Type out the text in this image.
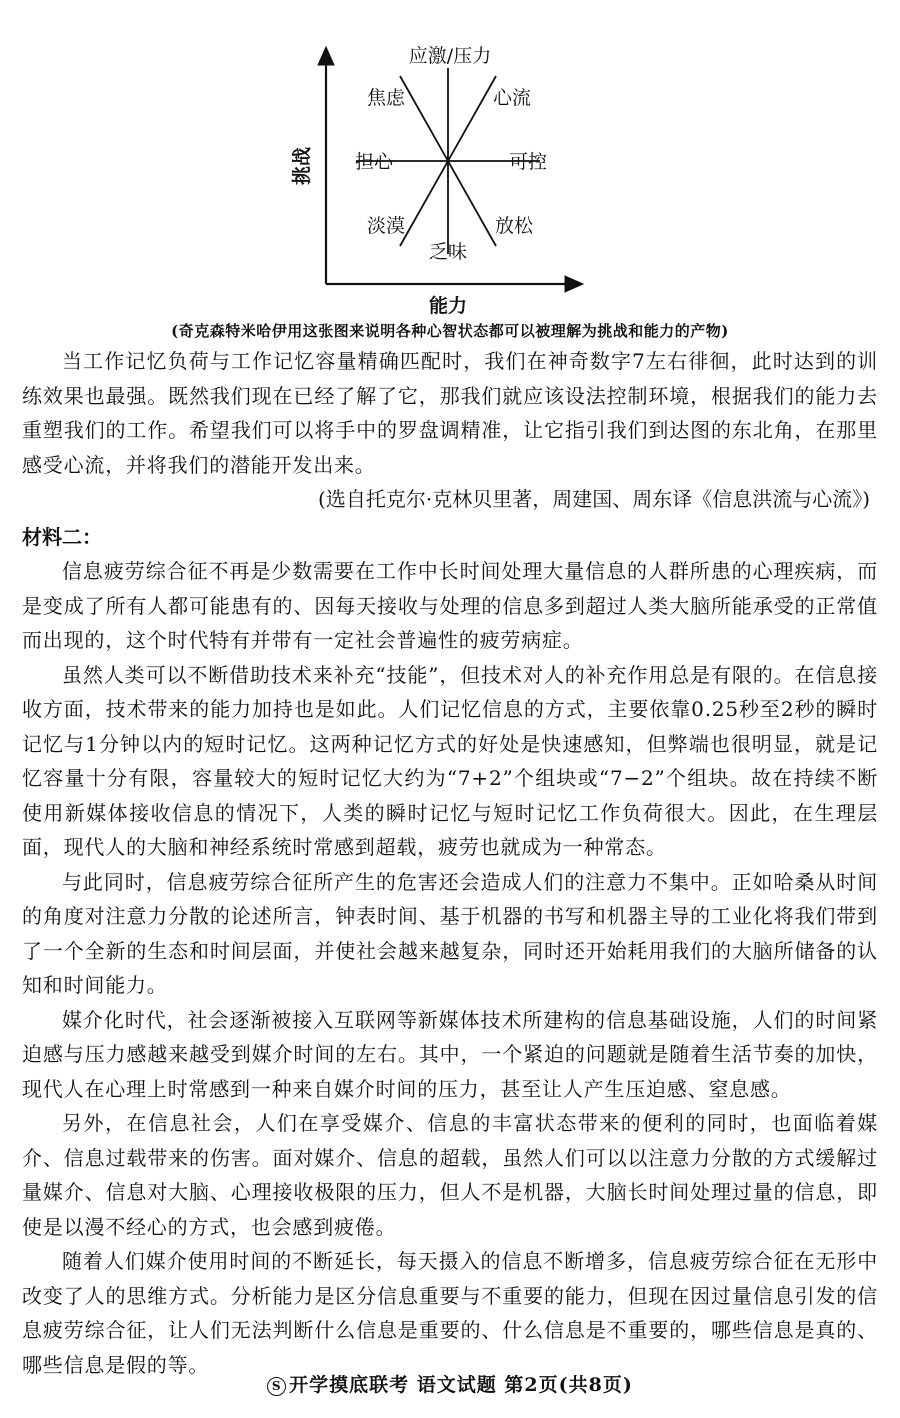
应激/压力
焦虑	心流
担心	可控
淡漠	放松
乏味
挑战
能力
(奇克森特米哈伊用这张图来说明各种心智状态都可以被理解为挑战和能力的产物)

当工作记忆负荷与工作记忆容量精确匹配时，我们在神奇数字7左右徘徊，此时达到的训练效果也最强。既然我们现在已经了解了它，那我们就应该设法控制环境，根据我们的能力去重塑我们的工作。希望我们可以将手中的罗盘调精准，让它指引我们到达图的东北角，在那里感受心流，并将我们的潜能开发出来。

(选自托克尔·克林贝里著，周建国、周东译《信息洪流与心流》)

材料二：

信息疲劳综合征不再是少数需要在工作中长时间处理大量信息的人群所患的心理疾病，而是变成了所有人都可能患有的、因每天接收与处理的信息多到超过人类大脑所能承受的正常值而出现的，这个时代特有并带有一定社会普遍性的疲劳病症。

虽然人类可以不断借助技术来补充“技能”，但技术对人的补充作用总是有限的。在信息接收方面，技术带来的能力加持也是如此。人们记忆信息的方式，主要依靠0.25秒至2秒的瞬时记忆与1分钟以内的短时记忆。这两种记忆方式的好处是快速感知，但弊端也很明显，就是记忆容量十分有限，容量较大的短时记忆大约为“7+2”个组块或“7−2”个组块。故在持续不断使用新媒体接收信息的情况下，人类的瞬时记忆与短时记忆工作负荷很大。因此，在生理层面，现代人的大脑和神经系统时常感到超载，疲劳也就成为一种常态。

与此同时，信息疲劳综合征所产生的危害还会造成人们的注意力不集中。正如哈桑从时间的角度对注意力分散的论述所言，钟表时间、基于机器的书写和机器主导的工业化将我们带到了一个全新的生态和时间层面，并使社会越来越复杂，同时还开始耗用我们的大脑所储备的认知和时间能力。

媒介化时代，社会逐渐被接入互联网等新媒体技术所建构的信息基础设施，人们的时间紧迫感与压力感越来越受到媒介时间的左右。其中，一个紧迫的问题就是随着生活节奏的加快，现代人在心理上时常感到一种来自媒介时间的压力，甚至让人产生压迫感、窒息感。

另外，在信息社会，人们在享受媒介、信息的丰富状态带来的便利的同时，也面临着媒介、信息过载带来的伤害。面对媒介、信息的超载，虽然人们可以以注意力分散的方式缓解过量媒介、信息对大脑、心理接收极限的压力，但人不是机器，大脑长时间处理过量的信息，即使是以漫不经心的方式，也会感到疲倦。

随着人们媒介使用时间的不断延长，每天摄入的信息不断增多，信息疲劳综合征在无形中改变了人的思维方式。分析能力是区分信息重要与不重要的能力，但现在因过量信息引发的信息疲劳综合征，让人们无法判断什么信息是重要的、什么信息是不重要的，哪些信息是真的、哪些信息是假的等。

S 开学摸底联考 语文试题 第2页(共8页)
